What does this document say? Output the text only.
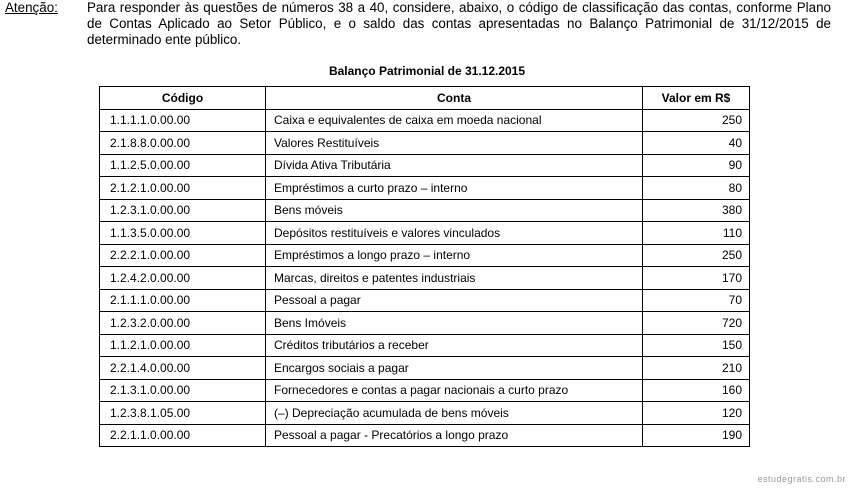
Atenção: Para responder às questões de números 38 a 40, considere, abaixo, o código de classificação das contas, conforme Plano de Contas Aplicado ao Setor Público, e o saldo das contas apresentadas no Balanço Patrimonial de 31/12/2015 de determinado ente público.
Balanço Patrimonial de 31.12.2015
Código	Conta	Valor em R$
1.1.1.1.0.00.00	Caixa e equivalentes de caixa em moeda nacional	250
2.1.8.8.0.00.00	Valores Restituíveis	40
1.1.2.5.0.00.00	Dívida Ativa Tributária	90
2.1.2.1.0.00.00	Empréstimos a curto prazo – interno	80
1.2.3.1.0.00.00	Bens móveis	380
1.1.3.5.0.00.00	Depósitos restituíveis e valores vinculados	110
2.2.2.1.0.00.00	Empréstimos a longo prazo – interno	250
1.2.4.2.0.00.00	Marcas, direitos e patentes industriais	170
2.1.1.1.0.00.00	Pessoal a pagar	70
1.2.3.2.0.00.00	Bens Imóveis	720
1.1.2.1.0.00.00	Créditos tributários a receber	150
2.2.1.4.0.00.00	Encargos sociais a pagar	210
2.1.3.1.0.00.00	Fornecedores e contas a pagar nacionais a curto prazo	160
1.2.3.8.1.05.00	(–) Depreciação acumulada de bens móveis	120
2.2.1.1.0.00.00	Pessoal a pagar - Precatórios a longo prazo	190
estudegratis.com.br
